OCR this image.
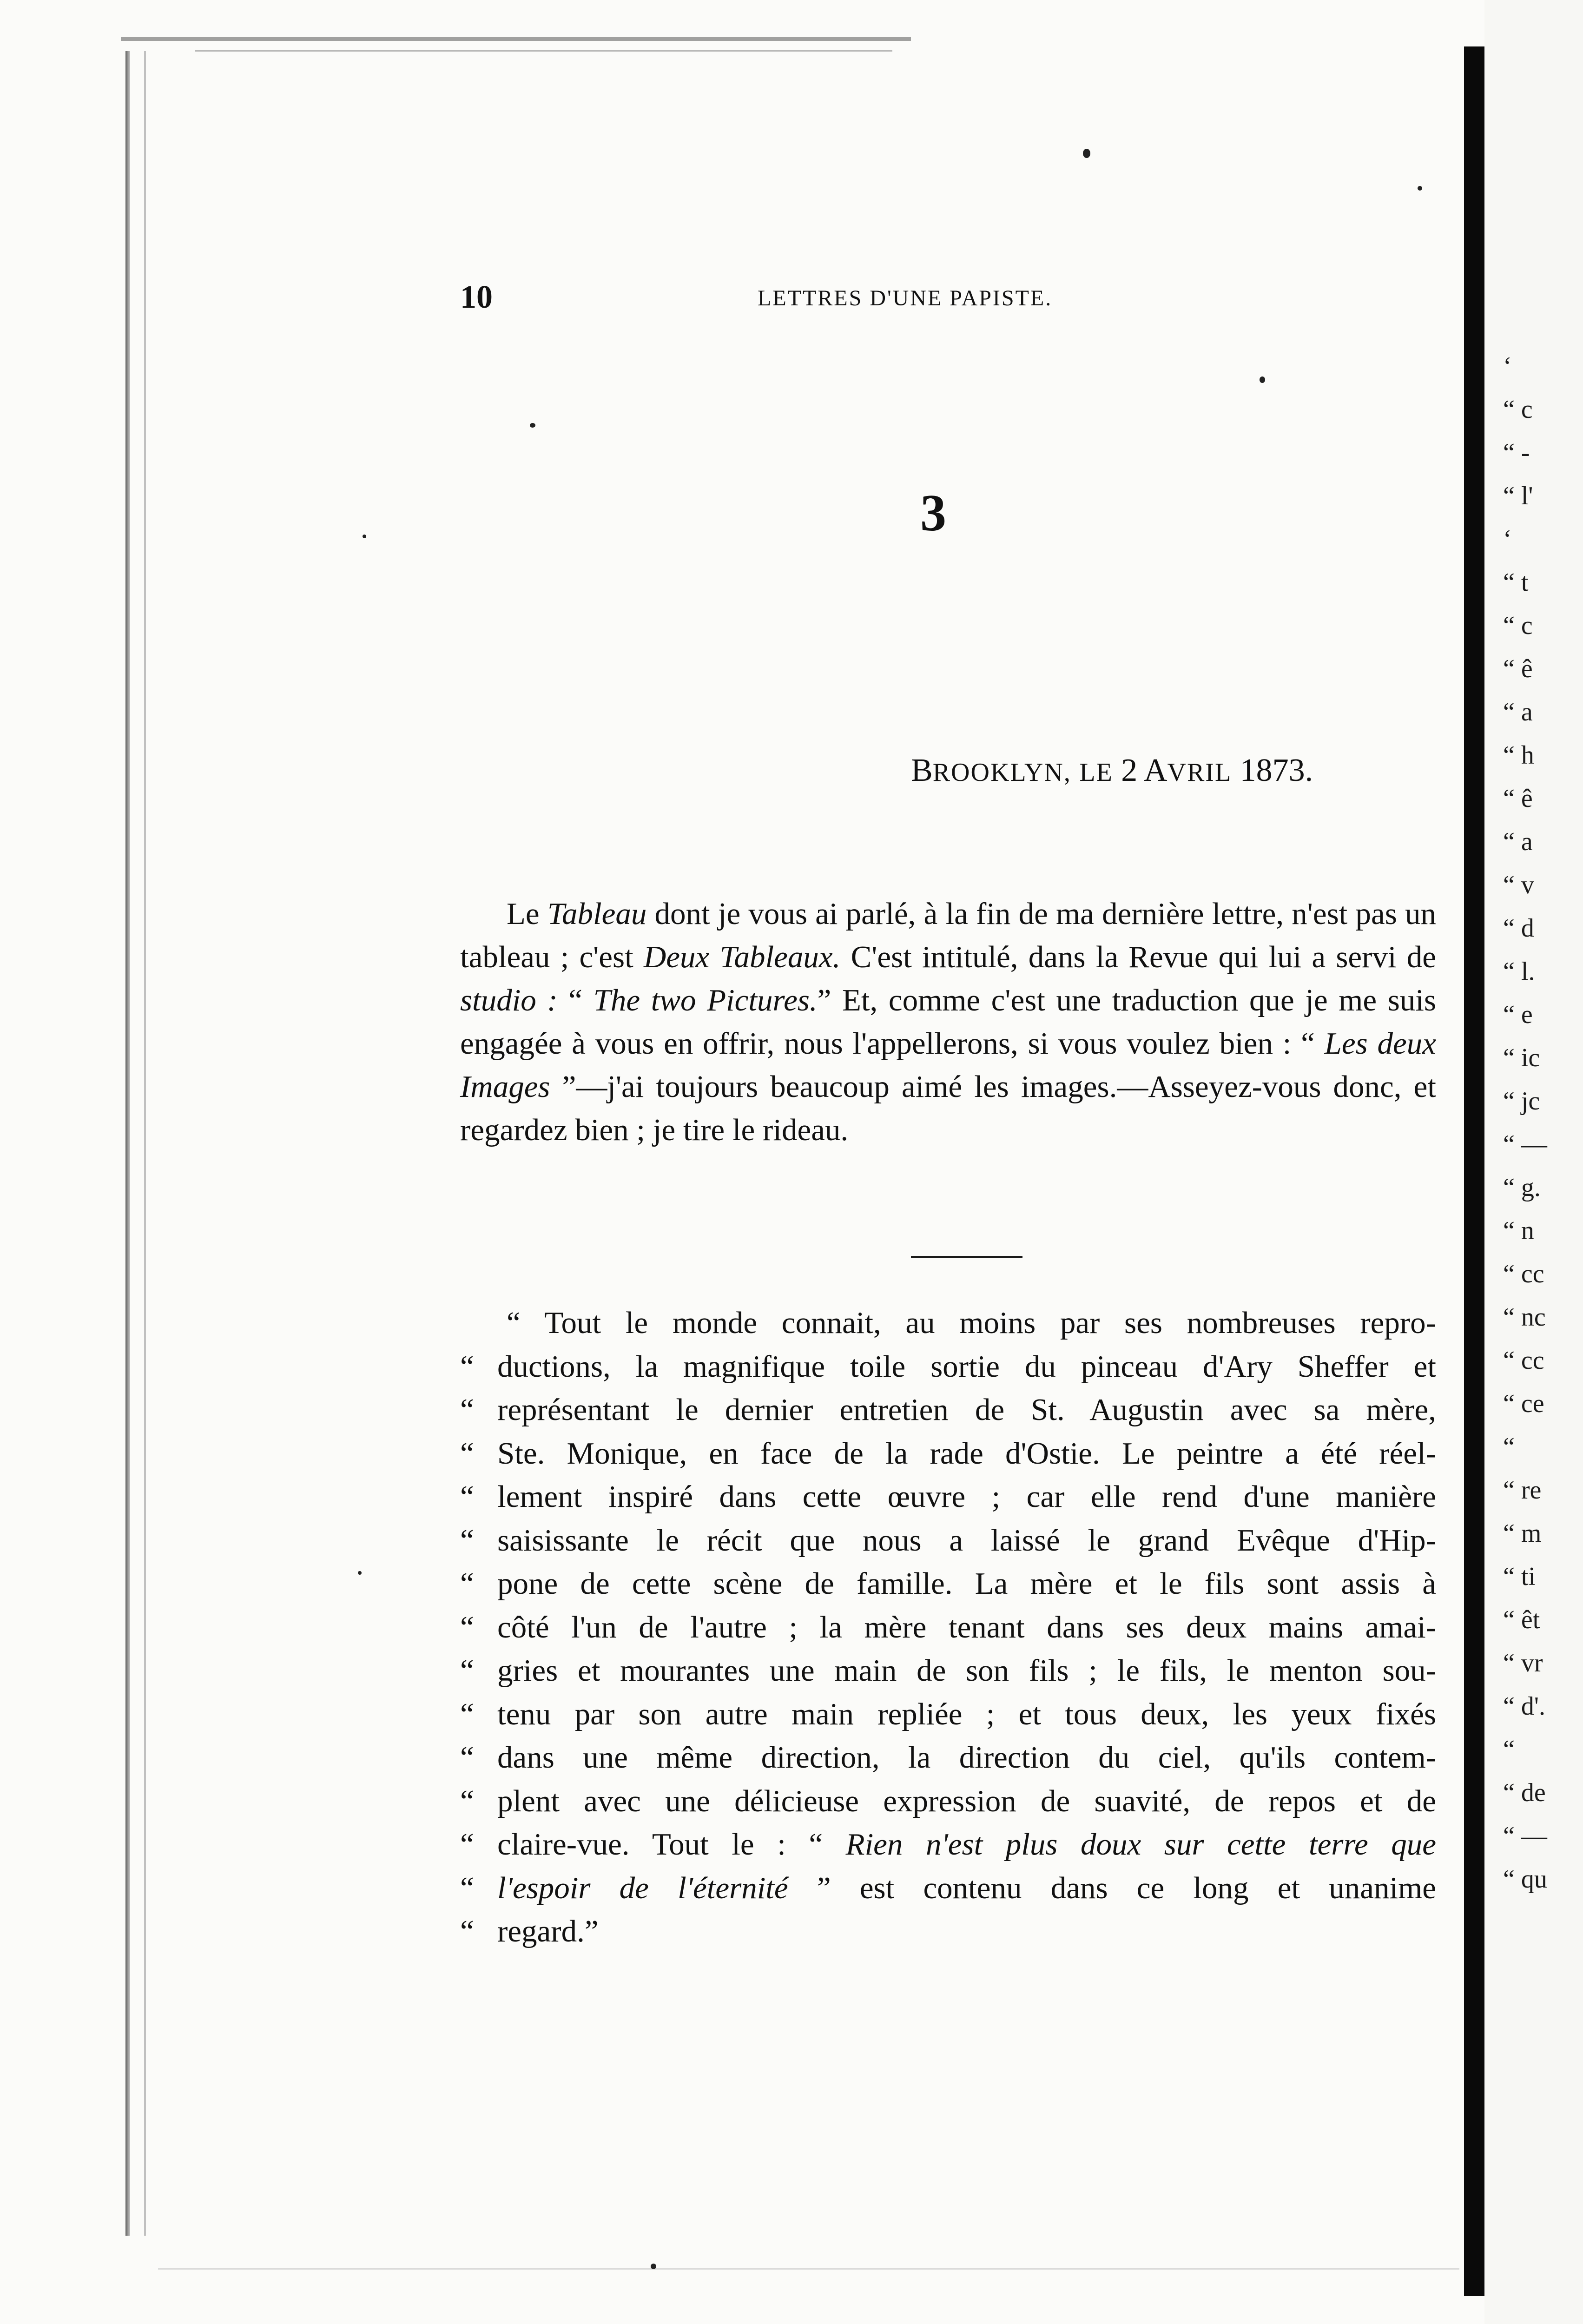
10	LETTRES D'UNE PAPISTE.
3
BROOKLYN, LE 2 AVRIL 1873.

Le Tableau dont je vous ai parlé, à la fin de ma dernière lettre, n'est pas un tableau ; c'est Deux Tableaux. C'est intitulé, dans la Revue qui lui a servi de studio : “ The two Pictures.” Et, comme c'est une traduction que je me suis engagée à vous en offrir, nous l'appellerons, si vous voulez bien : “ Les deux Images ”—j'ai toujours beaucoup aimé les images.—Asseyez-vous donc, et regardez bien ; je tire le rideau.

“ Tout le monde connait, au moins par ses nombreuses repro-
“ ductions, la magnifique toile sortie du pinceau d'Ary Sheffer et
“ représentant le dernier entretien de St. Augustin avec sa mère,
“ Ste. Monique, en face de la rade d'Ostie. Le peintre a été réel-
“ lement inspiré dans cette œuvre ; car elle rend d'une manière
“ saisissante le récit que nous a laissé le grand Evêque d'Hip-
“ pone de cette scène de famille. La mère et le fils sont assis à
“ côté l'un de l'autre ; la mère tenant dans ses deux mains amai-
“ gries et mourantes une main de son fils ; le fils, le menton sou-
“ tenu par son autre main repliée ; et tous deux, les yeux fixés
“ dans une même direction, la direction du ciel, qu'ils contem-
“ plent avec une délicieuse expression de suavité, de repos et de
“ claire-vue. Tout le : “ Rien n'est plus doux sur cette terre que
“ l'espoir de l'éternité ” est contenu dans ce long et unanime
“ regard.”
‘
“ c
“ -
“ l'
‘
“ t
“ c
“ ê
“ a
“ h
“ ê
“ a
“ v
“ d
“ l.
“ e
“ ic
“ jc
“ —
“ g.
“ n
“ cc
“ nc
“ cc
“ ce
“
“ re
“ m
“ ti
“ êt
“ vr
“ d'.
“
“ de
“ —
“ qu
